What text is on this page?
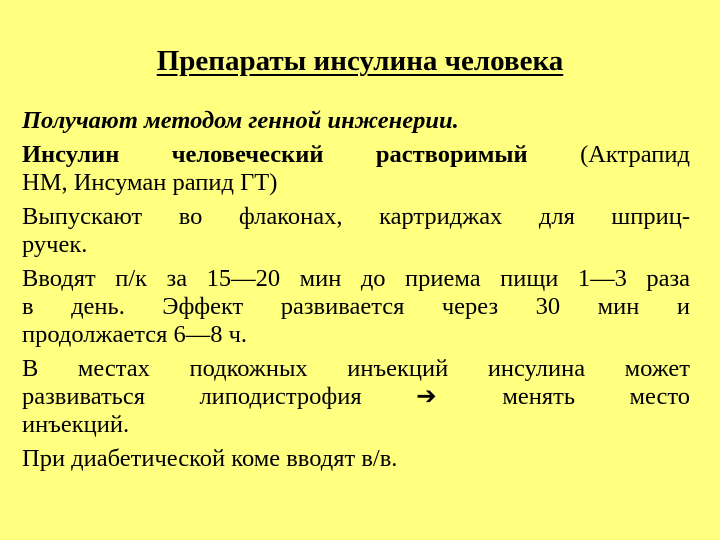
Препараты инсулина человека
Получают методом генной инженерии.
Инсулин человеческий растворимый (Актрапид
НМ, Инсуман рапид ГТ)
Выпускают во флаконах, картриджах для шприц-
ручек.
Вводят п/к за 15—20 мин до приема пищи 1—3 раза
в день. Эффект развивается через 30 мин и
продолжается 6—8 ч.
В местах подкожных инъекций инсулина может
развиваться липодистрофия ➔	менять место
инъекций.
При диабетической коме вводят в/в.
